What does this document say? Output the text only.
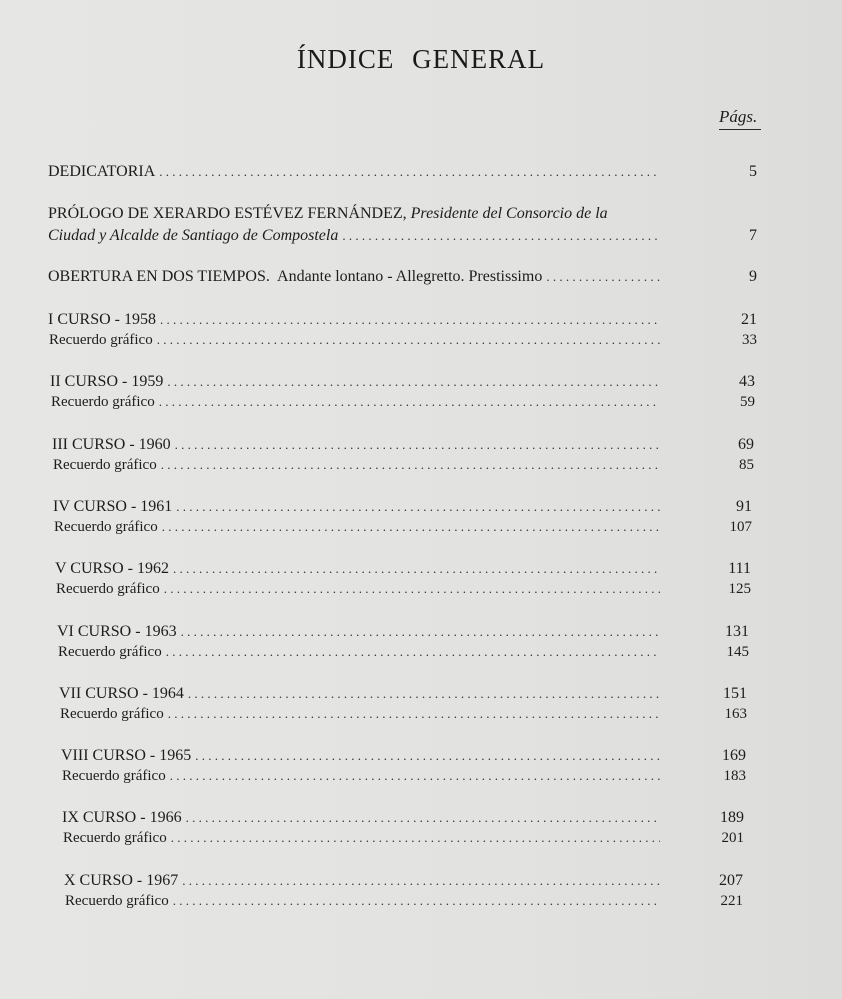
ÍNDICE GENERAL
Págs.
DEDICATORIA . . .	5
PRÓLOGO DE XERARDO ESTÉVEZ FERNÁNDEZ, Presidente del Consorcio de la
Ciudad y Alcalde de Santiago de Compostela . . .	7
OBERTURA EN DOS TIEMPOS. Andante lontano - Allegretto. Prestissimo . . .	9
I CURSO - 1958 . . .	21
Recuerdo gráfico . . .	33
II CURSO - 1959 . . .	43
Recuerdo gráfico . . .	59
III CURSO - 1960 . . .	69
Recuerdo gráfico . . .	85
IV CURSO - 1961 . . .	91
Recuerdo gráfico . . .	107
V CURSO - 1962 . . .	111
Recuerdo gráfico . . .	125
VI CURSO - 1963 . . .	131
Recuerdo gráfico . . .	145
VII CURSO - 1964 . . .	151
Recuerdo gráfico . . .	163
VIII CURSO - 1965 . . .	169
Recuerdo gráfico . . .	183
IX CURSO - 1966 . . .	189
Recuerdo gráfico . . .	201
X CURSO - 1967 . . .	207
Recuerdo gráfico . . .	221
